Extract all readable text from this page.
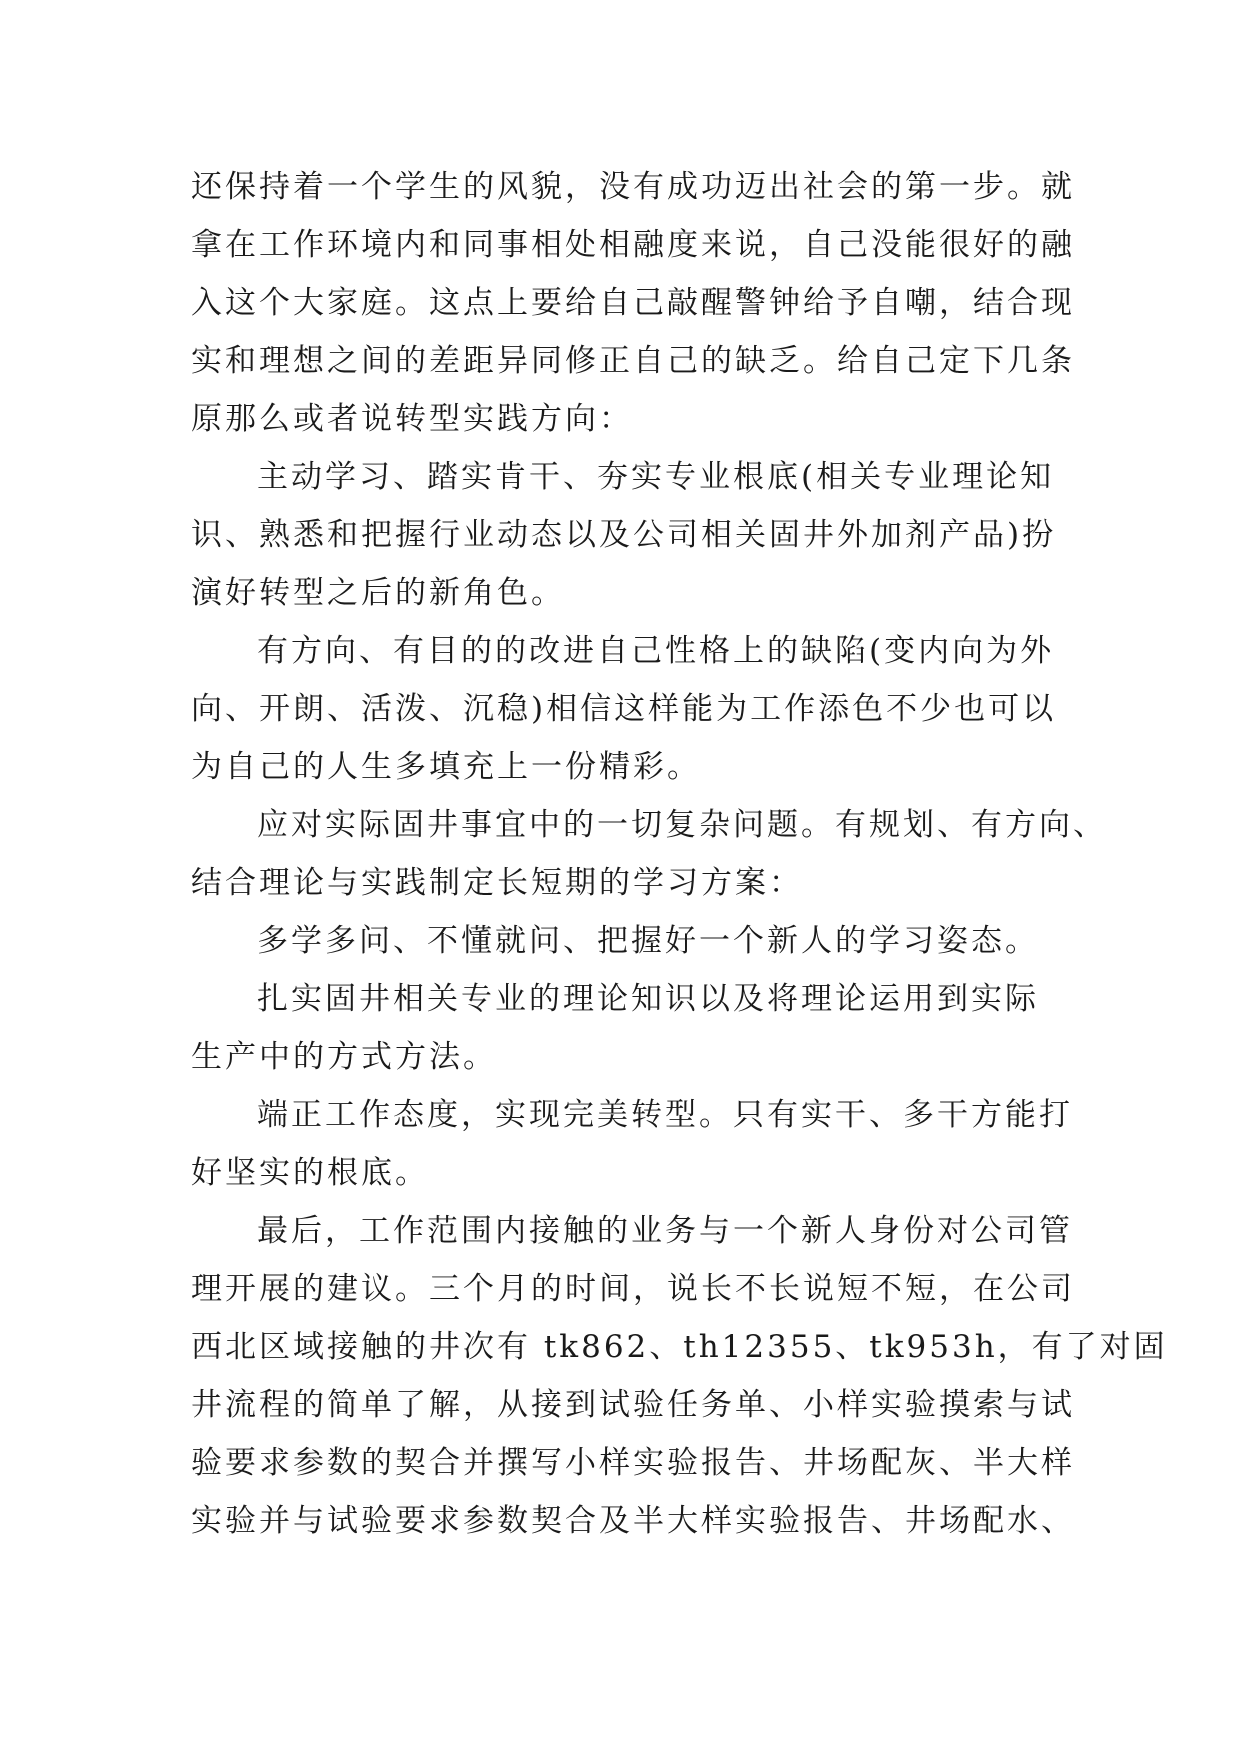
还保持着一个学生的风貌，没有成功迈出社会的第一步。就
拿在工作环境内和同事相处相融度来说，自己没能很好的融
入这个大家庭。这点上要给自己敲醒警钟给予自嘲，结合现
实和理想之间的差距异同修正自己的缺乏。给自己定下几条
原那么或者说转型实践方向：
主动学习、踏实肯干、夯实专业根底(相关专业理论知
识、熟悉和把握行业动态以及公司相关固井外加剂产品)扮
演好转型之后的新角色。
有方向、有目的的改进自己性格上的缺陷(变内向为外
向、开朗、活泼、沉稳)相信这样能为工作添色不少也可以
为自己的人生多填充上一份精彩。
应对实际固井事宜中的一切复杂问题。有规划、有方向、
结合理论与实践制定长短期的学习方案：
多学多问、不懂就问、把握好一个新人的学习姿态。
扎实固井相关专业的理论知识以及将理论运用到实际
生产中的方式方法。
端正工作态度，实现完美转型。只有实干、多干方能打
好坚实的根底。
最后，工作范围内接触的业务与一个新人身份对公司管
理开展的建议。三个月的时间，说长不长说短不短，在公司
西北区域接触的井次有 tk862、th12355、tk953h，有了对固
井流程的简单了解，从接到试验任务单、小样实验摸索与试
验要求参数的契合并撰写小样实验报告、井场配灰、半大样
实验并与试验要求参数契合及半大样实验报告、井场配水、
